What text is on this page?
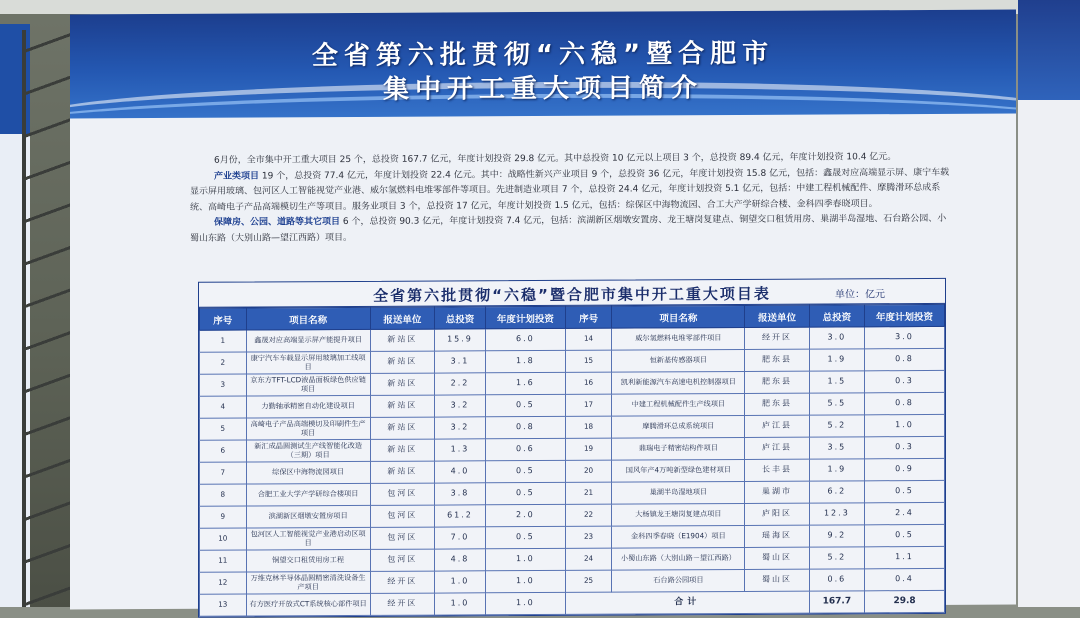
全省第六批贯彻“六稳”暨合肥市
集中开工重大项目简介

6月份，全市集中开工重大项目 25 个，总投资 167.7 亿元，年度计划投资 29.8 亿元。其中总投资 10 亿元以上项目 3 个，总投资 89.4 亿元，年度计划投资 10.4 亿元。

产业类项目 19 个，总投资 77.4 亿元，年度计划投资 22.4 亿元。其中：战略性新兴产业项目 9 个，总投资 36 亿元，年度计划投资 15.8 亿元，包括：鑫晟对应高端显示屏、康宁车载显示屏用玻璃、包河区人工智能视觉产业港、威尔氢燃料电堆零部件等项目。先进制造业项目 7 个，总投资 24.4 亿元，年度计划投资 5.1 亿元，包括：中建工程机械配件、摩腾滑环总成系统、高崎电子产品高端模切生产等项目。服务业项目 3 个，总投资 17 亿元，年度计划投资 1.5 亿元，包括：综保区中海物流园、合工大产学研综合楼、金科四季春晓项目。

保障房、公园、道路等其它项目 6 个，总投资 90.3 亿元，年度计划投资 7.4 亿元，包括：滨湖新区烟墩安置房、龙王塘岗复建点、铜望交口租赁用房、巢湖半岛湿地、石台路公园、小蜀山东路（大别山路—望江西路）项目。

全省第六批贯彻“六稳”暨合肥市集中开工重大项目表	单位：亿元
序号	项目名称	报送单位	总投资	年度计划投资	序号	项目名称	报送单位	总投资	年度计划投资
1	鑫晟对应高端显示屏产能提升项目	新站区	15.9	6.0	14	威尔氢燃料电堆零部件项目	经开区	3.0	3.0
2	康宁汽车车载显示屏用玻璃加工线项目	新站区	3.1	1.8	15	恒新基传感器项目	肥东县	1.9	0.8
3	京东方TFT-LCD液晶面板绿色供应链项目	新站区	2.2	1.6	16	凯利新能源汽车高速电机控制器项目	肥东县	1.5	0.3
4	力勤轴承精密自动化建设项目	新站区	3.2	0.5	17	中建工程机械配件生产线项目	肥东县	5.5	0.8
5	高崎电子产品高端模切及印刷件生产项目	新站区	3.2	0.8	18	摩腾滑环总成系统项目	庐江县	5.2	1.0
6	新汇成晶圆测试生产线智能化改造（三期）项目	新站区	1.3	0.6	19	鼎瑞电子精密结构件项目	庐江县	3.5	0.3
7	综保区中海物流园项目	新站区	4.0	0.5	20	国风年产4万吨新型绿色建材项目	长丰县	1.9	0.9
8	合肥工业大学产学研综合楼项目	包河区	3.8	0.5	21	巢湖半岛湿地项目	巢湖市	6.2	0.5
9	滨湖新区烟墩安置房项目	包河区	61.2	2.0	22	大杨镇龙王塘岗复建点项目	庐阳区	12.3	2.4
10	包河区人工智能视觉产业港启动区项目	包河区	7.0	0.5	23	金科四季春晓（E1904）项目	瑶海区	9.2	0.5
11	铜望交口租赁用房工程	包河区	4.8	1.0	24	小蜀山东路（大别山路－望江西路）	蜀山区	5.2	1.1
12	万维克林半导体晶圆精密清洗设备生产项目	经开区	1.0	1.0	25	石台路公园项目	蜀山区	0.6	0.4
13	有方医疗开放式CT系统核心部件项目	经开区	1.0	1.0	合计			167.7	29.8
